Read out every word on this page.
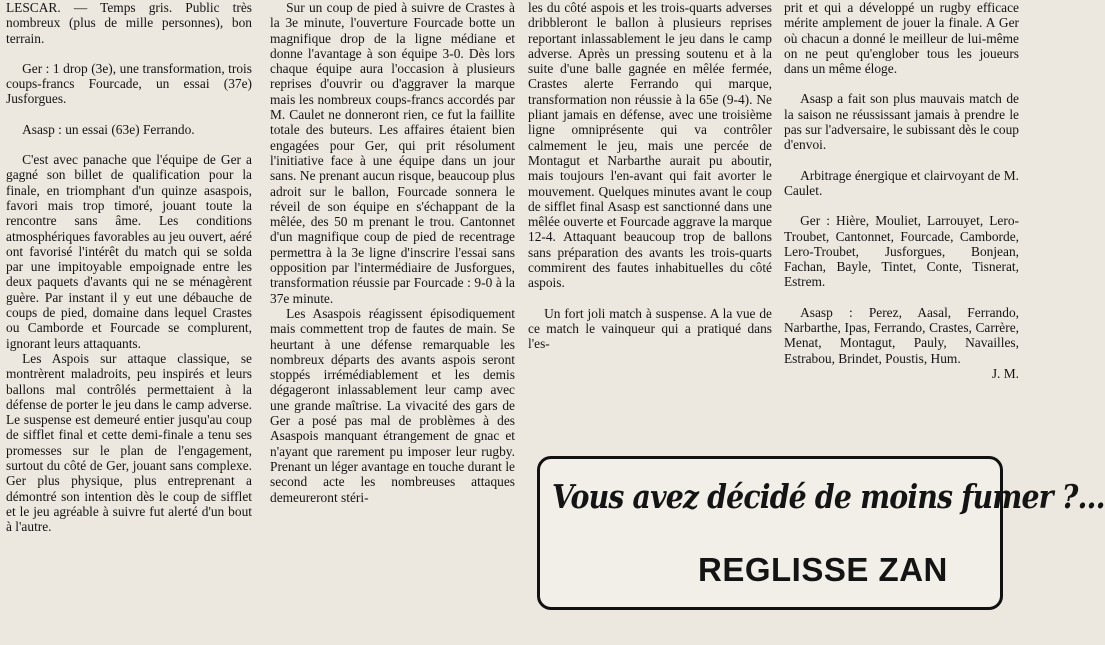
LESCAR. — Temps gris. Public très nombreux (plus de mille personnes), bon terrain.

Ger : 1 drop (3e), une transformation, trois coups-francs Fourcade, un essai (37e) Jusforgues.

Asasp : un essai (63e) Ferrando.

C'est avec panache que l'équipe de Ger a gagné son billet de qualification pour la finale, en triomphant d'un quinze asaspois, favori mais trop timoré, jouant toute la rencontre sans âme. Les conditions atmosphériques favorables au jeu ouvert, aéré ont favorisé l'intérêt du match qui se solda par une impitoyable empoignade entre les deux paquets d'avants qui ne se ménagèrent guère. Par instant il y eut une débauche de coups de pied, domaine dans lequel Crastes ou Camborde et Fourcade se complurent, ignorant leurs attaquants.

Les Aspois sur attaque classique, se montrèrent maladroits, peu inspirés et leurs ballons mal contrôlés permettaient à la défense de porter le jeu dans le camp adverse. Le suspense est demeuré entier jusqu'au coup de sifflet final et cette demi-finale a tenu ses promesses sur le plan de l'engagement, surtout du côté de Ger, jouant sans complexe. Ger plus physique, plus entreprenant a démontré son intention dès le coup de sifflet et le jeu agréable à suivre fut alerté d'un bout à l'autre.

Sur un coup de pied à suivre de Crastes à la 3e minute, l'ouverture Fourcade botte un magnifique drop de la ligne médiane et donne l'avantage à son équipe 3-0. Dès lors chaque équipe aura l'occasion à plusieurs reprises d'ouvrir ou d'aggraver la marque mais les nombreux coups-francs accordés par M. Caulet ne donneront rien, ce fut la faillite totale des buteurs. Les affaires étaient bien engagées pour Ger, qui prit résolument l'initiative face à une équipe dans un jour sans. Ne prenant aucun risque, beaucoup plus adroit sur le ballon, Fourcade sonnera le réveil de son équipe en s'échappant de la mêlée, des 50 m prenant le trou. Cantonnet d'un magnifique coup de pied de recentrage permettra à la 3e ligne d'inscrire l'essai sans opposition par l'intermédiaire de Jusforgues, transformation réussie par Fourcade : 9-0 à la 37e minute.

Les Asaspois réagissent épisodiquement mais commettent trop de fautes de main. Se heurtant à une défense remarquable les nombreux départs des avants aspois seront stoppés irrémédiablement et les demis dégageront inlassablement leur camp avec une grande maîtrise. La vivacité des gars de Ger a posé pas mal de problèmes à des Asaspois manquant étrangement de gnac et n'ayant que rarement pu imposer leur rugby. Prenant un léger avantage en touche durant le second acte les nombreuses attaques demeureront stéri-

les du côté aspois et les trois-quarts adverses dribbleront le ballon à plusieurs reprises reportant inlassablement le jeu dans le camp adverse. Après un pressing soutenu et à la suite d'une balle gagnée en mêlée fermée, Crastes alerte Ferrando qui marque, transformation non réussie à la 65e (9-4). Ne pliant jamais en défense, avec une troisième ligne omniprésente qui va contrôler calmement le jeu, mais une percée de Montagut et Narbarthe aurait pu aboutir, mais toujours l'en-avant qui fait avorter le mouvement. Quelques minutes avant le coup de sifflet final Asasp est sanctionné dans une mêlée ouverte et Fourcade aggrave la marque 12-4. Attaquant beaucoup trop de ballons sans préparation des avants les trois-quarts commirent des fautes inhabituelles du côté aspois.

Un fort joli match à suspense. A la vue de ce match le vainqueur qui a pratiqué dans l'es-

prit et qui a développé un rugby efficace mérite amplement de jouer la finale. A Ger où chacun a donné le meilleur de lui-même on ne peut qu'englober tous les joueurs dans un même éloge.

Asasp a fait son plus mauvais match de la saison ne réussissant jamais à prendre le pas sur l'adversaire, le subissant dès le coup d'envoi.

Arbitrage énergique et clairvoyant de M. Caulet.

Ger : Hière, Mouliet, Larrouyet, Lero-Troubet, Cantonnet, Fourcade, Camborde, Lero-Troubet, Jusforgues, Bonjean, Fachan, Bayle, Tintet, Conte, Tisnerat, Estrem.

Asasp : Perez, Aasal, Ferrando, Narbarthe, Ipas, Ferrando, Crastes, Carrère, Menat, Montagut, Pauly, Navailles, Estrabou, Brindet, Poustis, Hum.

J. M.

Vous avez décidé de moins fumer ?...
REGLISSE ZAN
